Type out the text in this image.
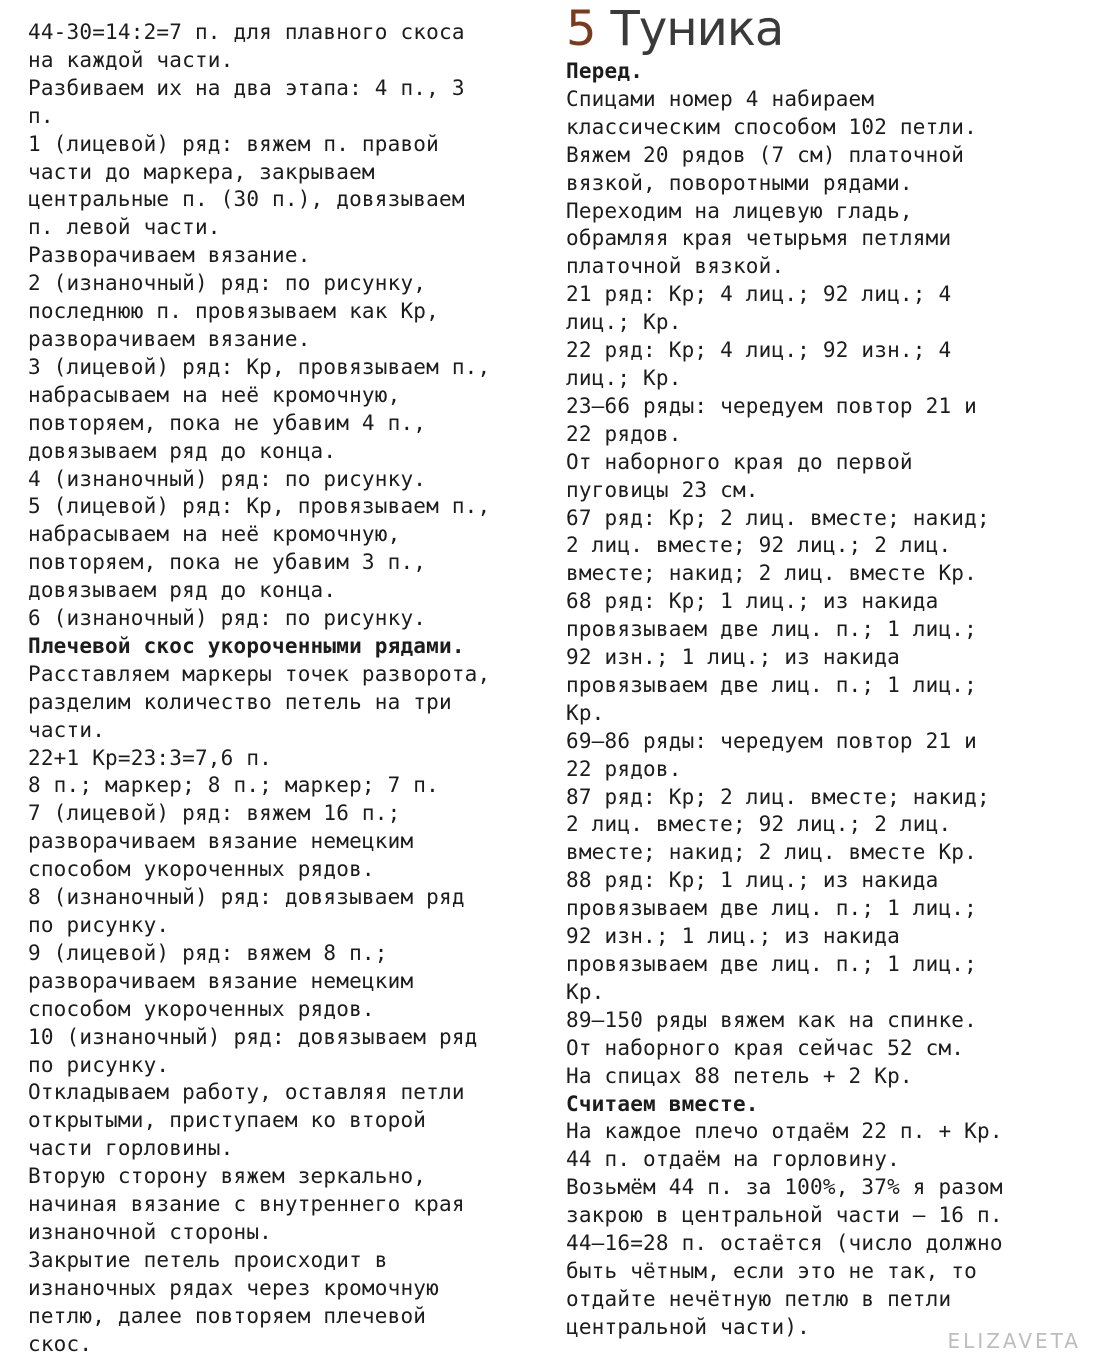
44-30=14:2=7 п. для плавного скоса
на каждой части.
Разбиваем их на два этапа: 4 п., 3
п.
1 (лицевой) ряд: вяжем п. правой
части до маркера, закрываем
центральные п. (30 п.), довязываем
п. левой части.
Разворачиваем вязание.
2 (изнаночный) ряд: по рисунку,
последнюю п. провязываем как Кр,
разворачиваем вязание.
3 (лицевой) ряд: Кр, провязываем п.,
набрасываем на неё кромочную,
повторяем, пока не убавим 4 п.,
довязываем ряд до конца.
4 (изнаночный) ряд: по рисунку.
5 (лицевой) ряд: Кр, провязываем п.,
набрасываем на неё кромочную,
повторяем, пока не убавим 3 п.,
довязываем ряд до конца.
6 (изнаночный) ряд: по рисунку.
Плечевой скос укороченными рядами.
Расставляем маркеры точек разворота,
разделим количество петель на три
части.
22+1 Кр=23:3=7,6 п.
8 п.; маркер; 8 п.; маркер; 7 п.
7 (лицевой) ряд: вяжем 16 п.;
разворачиваем вязание немецким
способом укороченных рядов.
8 (изнаночный) ряд: довязываем ряд
по рисунку.
9 (лицевой) ряд: вяжем 8 п.;
разворачиваем вязание немецким
способом укороченных рядов.
10 (изнаночный) ряд: довязываем ряд
по рисунку.
Откладываем работу, оставляя петли
открытыми, приступаем ко второй
части горловины.
Вторую сторону вяжем зеркально,
начиная вязание с внутреннего края
изнаночной стороны.
Закрытие петель происходит в
изнаночных рядах через кромочную
петлю, далее повторяем плечевой
скос.
5 Туника
Перед.
Спицами номер 4 набираем
классическим способом 102 петли.
Вяжем 20 рядов (7 см) платочной
вязкой, поворотными рядами.
Переходим на лицевую гладь,
обрамляя края четырьмя петлями
платочной вязкой.
21 ряд: Кр; 4 лиц.; 92 лиц.; 4
лиц.; Кр.
22 ряд: Кр; 4 лиц.; 92 изн.; 4
лиц.; Кр.
23–66 ряды: чередуем повтор 21 и
22 рядов.
От наборного края до первой
пуговицы 23 см.
67 ряд: Кр; 2 лиц. вместе; накид;
2 лиц. вместе; 92 лиц.; 2 лиц.
вместе; накид; 2 лиц. вместе Кр.
68 ряд: Кр; 1 лиц.; из накида
провязываем две лиц. п.; 1 лиц.;
92 изн.; 1 лиц.; из накида
провязываем две лиц. п.; 1 лиц.;
Кр.
69–86 ряды: чередуем повтор 21 и
22 рядов.
87 ряд: Кр; 2 лиц. вместе; накид;
2 лиц. вместе; 92 лиц.; 2 лиц.
вместе; накид; 2 лиц. вместе Кр.
88 ряд: Кр; 1 лиц.; из накида
провязываем две лиц. п.; 1 лиц.;
92 изн.; 1 лиц.; из накида
провязываем две лиц. п.; 1 лиц.;
Кр.
89–150 ряды вяжем как на спинке.
От наборного края сейчас 52 см.
На спицах 88 петель + 2 Кр.
Считаем вместе.
На каждое плечо отдаём 22 п. + Кр.
44 п. отдаём на горловину.
Возьмём 44 п. за 100%, 37% я разом
закрою в центральной части – 16 п.
44–16=28 п. остаётся (число должно
быть чётным, если это не так, то
отдайте нечётную петлю в петли
центральной части).
ELIZAVETA
